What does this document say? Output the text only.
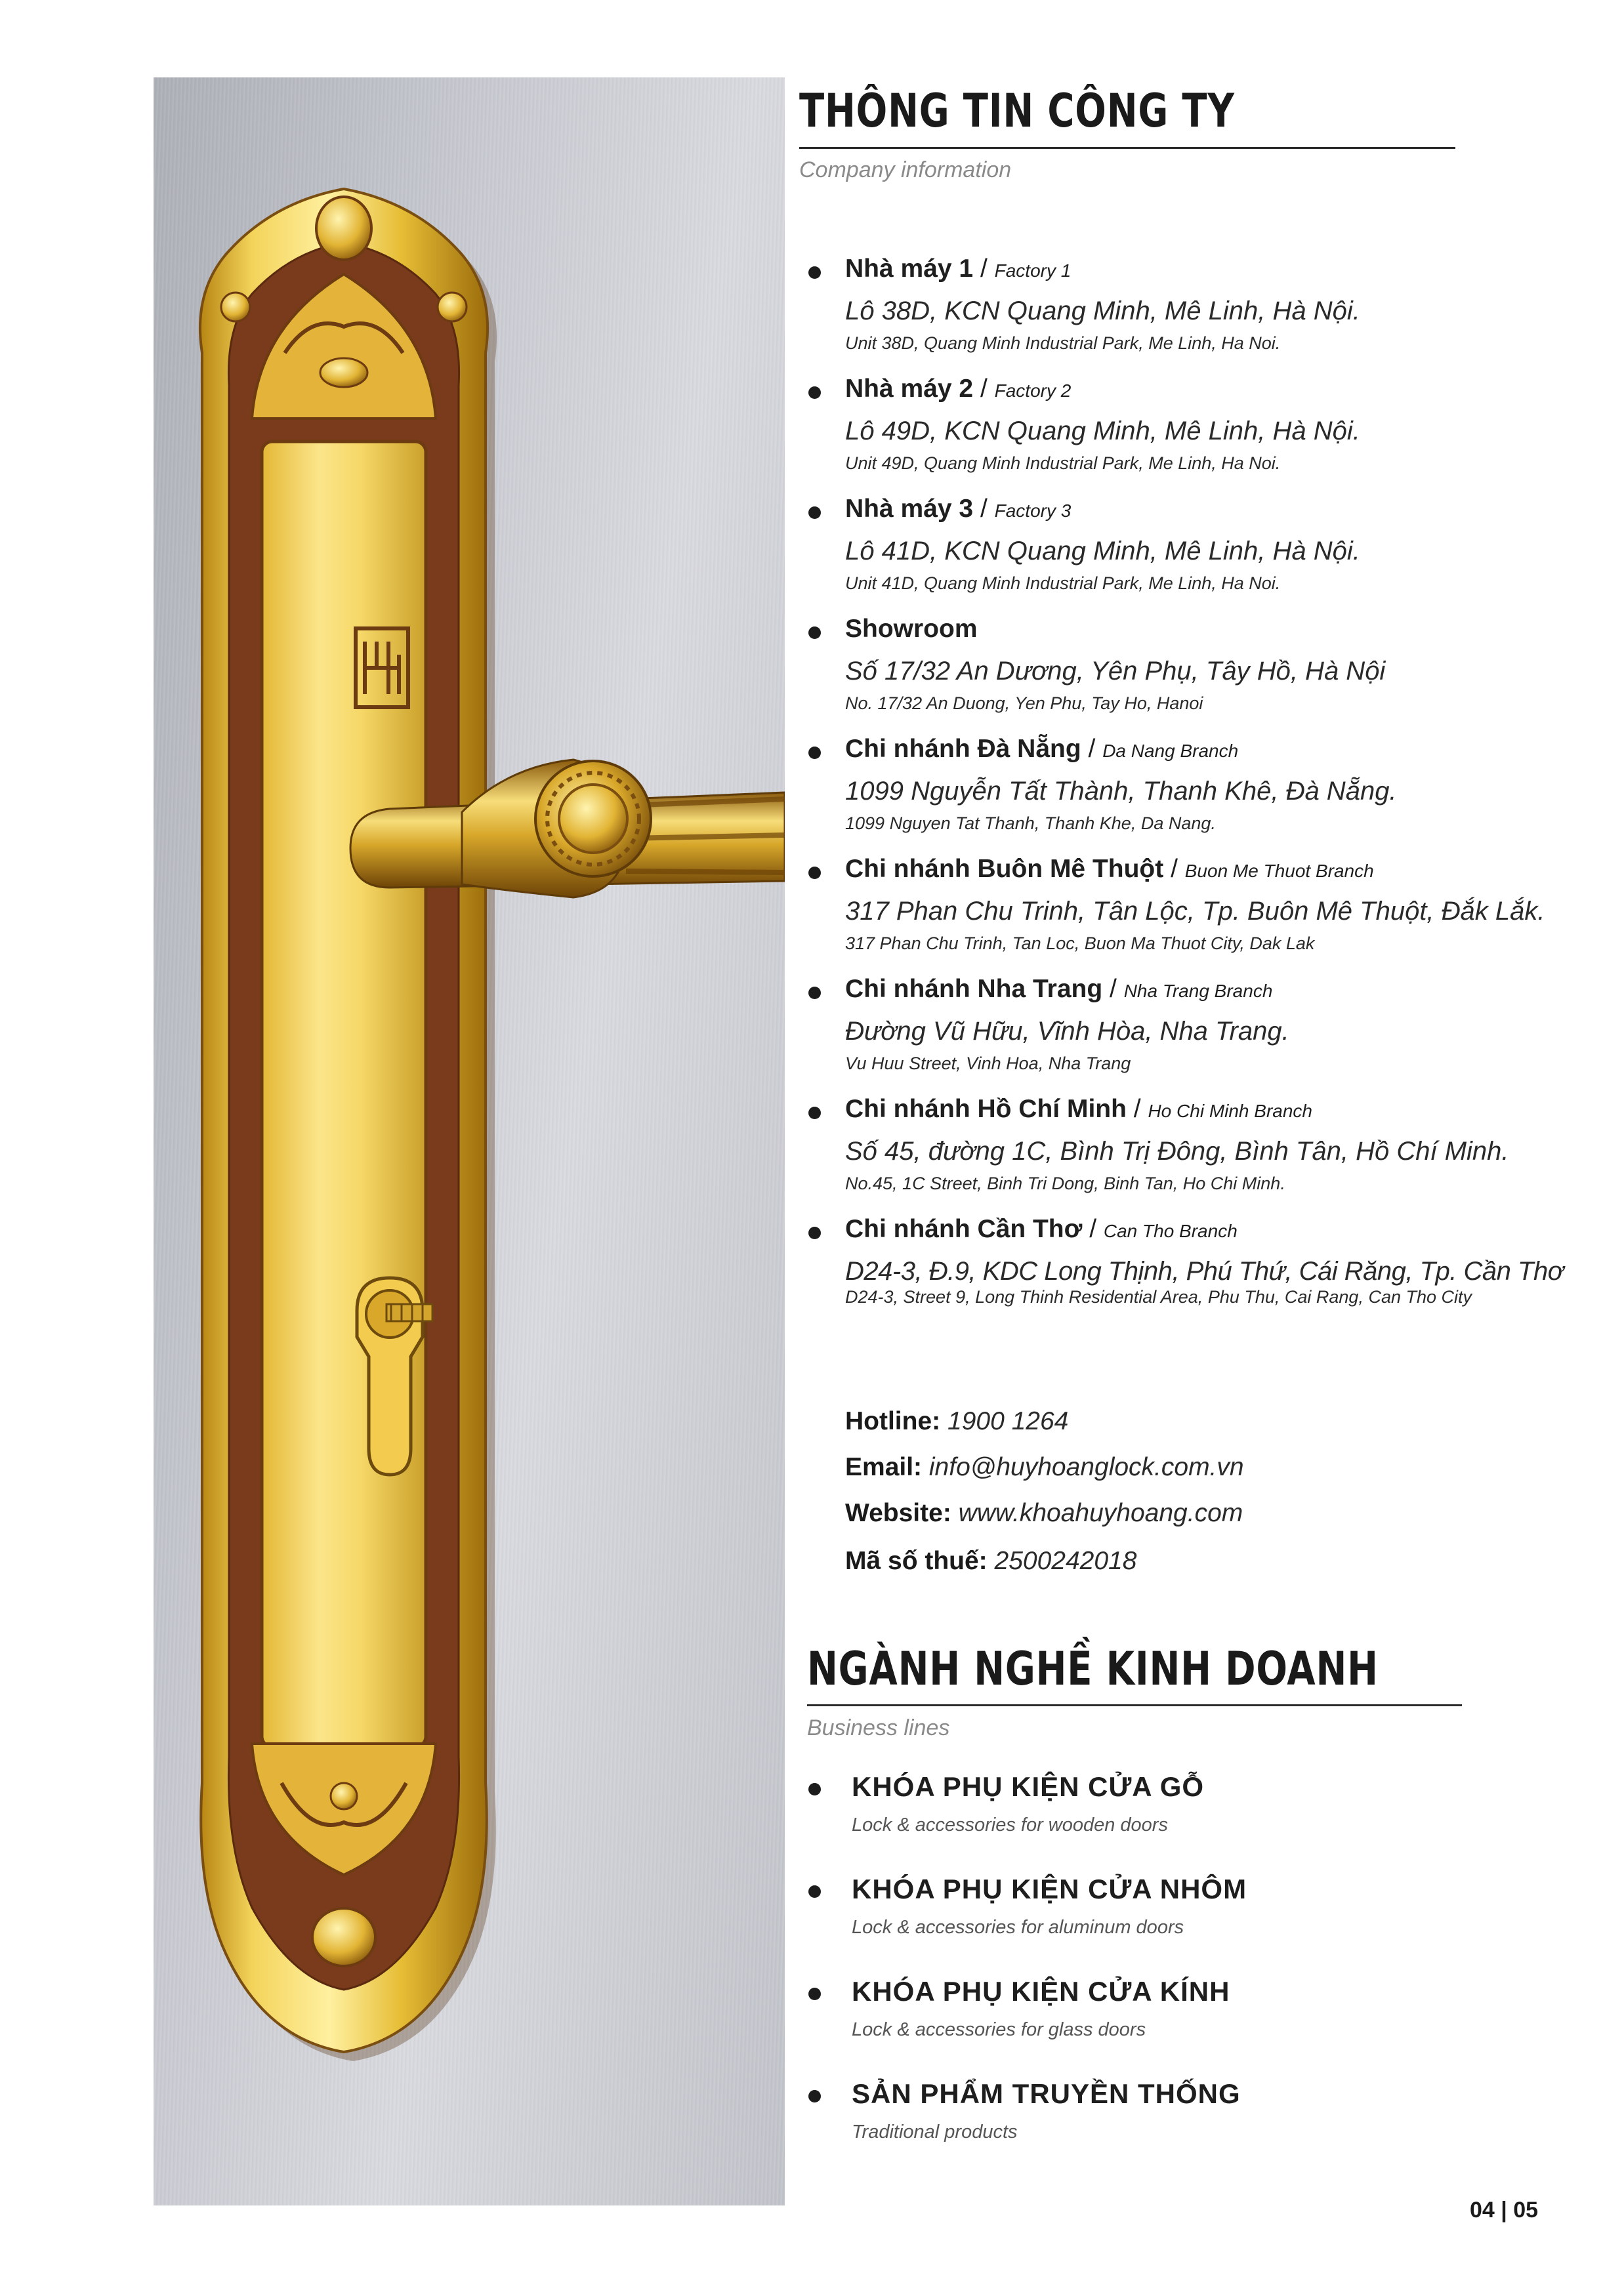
THÔNG TIN CÔNG TY
Company information
Nhà máy 1 / Factory 1
Lô 38D, KCN Quang Minh, Mê Linh, Hà Nội.
Unit 38D, Quang Minh Industrial Park, Me Linh, Ha Noi.
Nhà máy 2 / Factory 2
Lô 49D, KCN Quang Minh, Mê Linh, Hà Nội.
Unit 49D, Quang Minh Industrial Park, Me Linh, Ha Noi.
Nhà máy 3 / Factory 3
Lô 41D, KCN Quang Minh, Mê Linh, Hà Nội.
Unit 41D, Quang Minh Industrial Park, Me Linh, Ha Noi.
Showroom
Số 17/32 An Dương, Yên Phụ, Tây Hồ, Hà Nội
No. 17/32 An Duong, Yen Phu, Tay Ho, Hanoi
Chi nhánh Đà Nẵng / Da Nang Branch
1099 Nguyễn Tất Thành, Thanh Khê, Đà Nẵng.
1099 Nguyen Tat Thanh, Thanh Khe, Da Nang.
Chi nhánh Buôn Mê Thuột / Buon Me Thuot Branch
317 Phan Chu Trinh, Tân Lộc, Tp. Buôn Mê Thuột, Đắk Lắk.
317 Phan Chu Trinh, Tan Loc, Buon Ma Thuot City, Dak Lak
Chi nhánh Nha Trang / Nha Trang Branch
Đường Vũ Hữu, Vĩnh Hòa, Nha Trang.
Vu Huu Street, Vinh Hoa, Nha Trang
Chi nhánh Hồ Chí Minh / Ho Chi Minh Branch
Số 45, đường 1C, Bình Trị Đông, Bình Tân, Hồ Chí Minh.
No.45, 1C Street, Binh Tri Dong, Binh Tan, Ho Chi Minh.
Chi nhánh Cần Thơ / Can Tho Branch
D24-3, Đ.9, KDC Long Thịnh, Phú Thứ, Cái Răng, Tp. Cần Thơ
D24-3, Street 9, Long Thinh Residential Area, Phu Thu, Cai Rang, Can Tho City
Hotline: 1900 1264
Email: info@huyhoanglock.com.vn
Website: www.khoahuyhoang.com
Mã số thuế: 2500242018
NGÀNH NGHỀ KINH DOANH
Business lines
KHÓA PHỤ KIỆN CỬA GỖ
Lock & accessories for wooden doors
KHÓA PHỤ KIỆN CỬA NHÔM
Lock & accessories for aluminum doors
KHÓA PHỤ KIỆN CỬA KÍNH
Lock & accessories for glass doors
SẢN PHẨM TRUYỀN THỐNG
Traditional products
04 | 05
